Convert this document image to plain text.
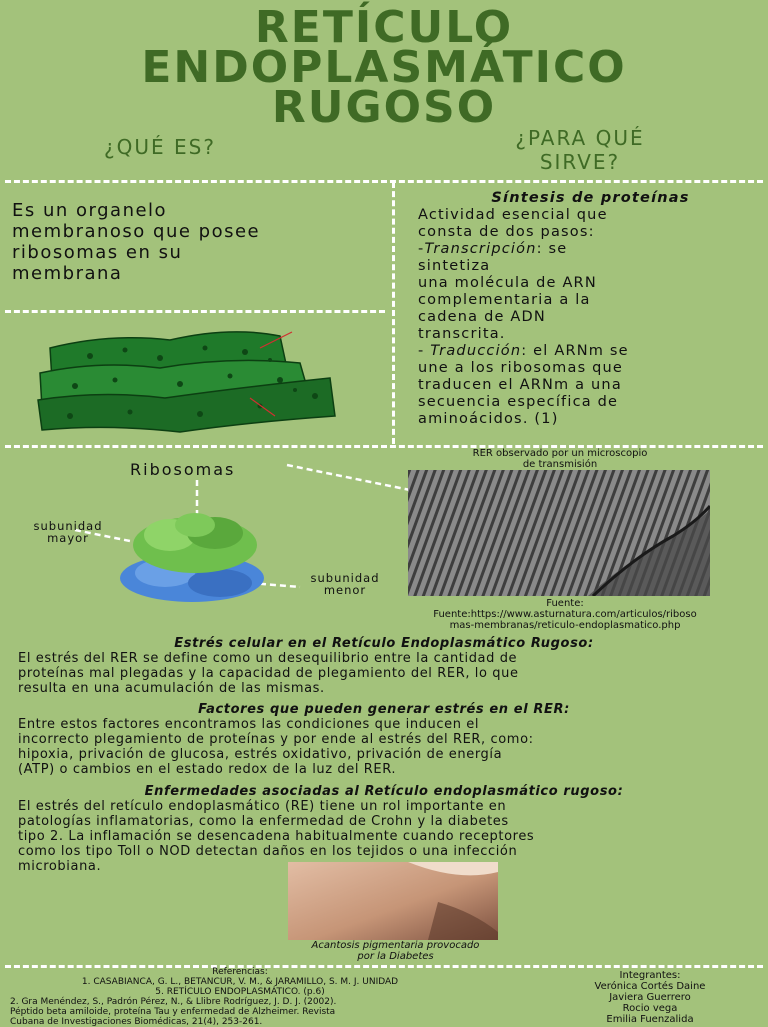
RETÍCULO
ENDOPLASMÁTICO
RUGOSO
¿QUÉ ES?	¿PARA QUÉ
SIRVE?
Es un organelo
membranoso que posee
ribosomas en su
membrana
Síntesis de proteínas
Actividad esencial que
consta de dos pasos:
-Transcripción: se
sintetiza
una molécula de ARN
complementaria a la
cadena de ADN
transcrita.
- Traducción: el ARNm se
une a los ribosomas que
traducen el ARNm a una
secuencia específica de
aminoácidos. (1)
Ribosomas
subunidad
mayor
subunidad
menor
RER observado por un microscopio
de transmisión
Fuente:
Fuente:https://www.asturnatura.com/articulos/riboso
mas-membranas/reticulo-endoplasmatico.php
Estrés celular en el Retículo Endoplasmático Rugoso:
El estrés del RER se define como un desequilibrio entre la cantidad de
proteínas mal plegadas y la capacidad de plegamiento del RER, lo que
resulta en una acumulación de las mismas.
Factores que pueden generar estrés en el RER:
Entre estos factores encontramos las condiciones que inducen el
incorrecto plegamiento de proteínas y por ende al estrés del RER, como:
hipoxia, privación de glucosa, estrés oxidativo, privación de energía
(ATP) o cambios en el estado redox de la luz del RER.
Enfermedades asociadas al Retículo endoplasmático rugoso:
El estrés del retículo endoplasmático (RE) tiene un rol importante en
patologías inflamatorias, como la enfermedad de Crohn y la diabetes
tipo 2. La inflamación se desencadena habitualmente cuando receptores
como los tipo Toll o NOD detectan daños en los tejidos o una infección
microbiana.
Acantosis pigmentaria provocado
por la Diabetes
Referencias:
1. CASABIANCA, G. L., BETANCUR, V. M., & JARAMILLO, S. M. J. UNIDAD
5. RETÍCULO ENDOPLASMÁTICO. (p.6)
2. Gra Menéndez, S., Padrón Pérez, N., & Llibre Rodríguez, J. D. J. (2002).
Péptido beta amiloide, proteína Tau y enfermedad de Alzheimer. Revista
Cubana de Investigaciones Biomédicas, 21(4), 253-261.
Integrantes:
Verónica Cortés Daine
Javiera Guerrero
Rocio vega
Emilia Fuenzalida
